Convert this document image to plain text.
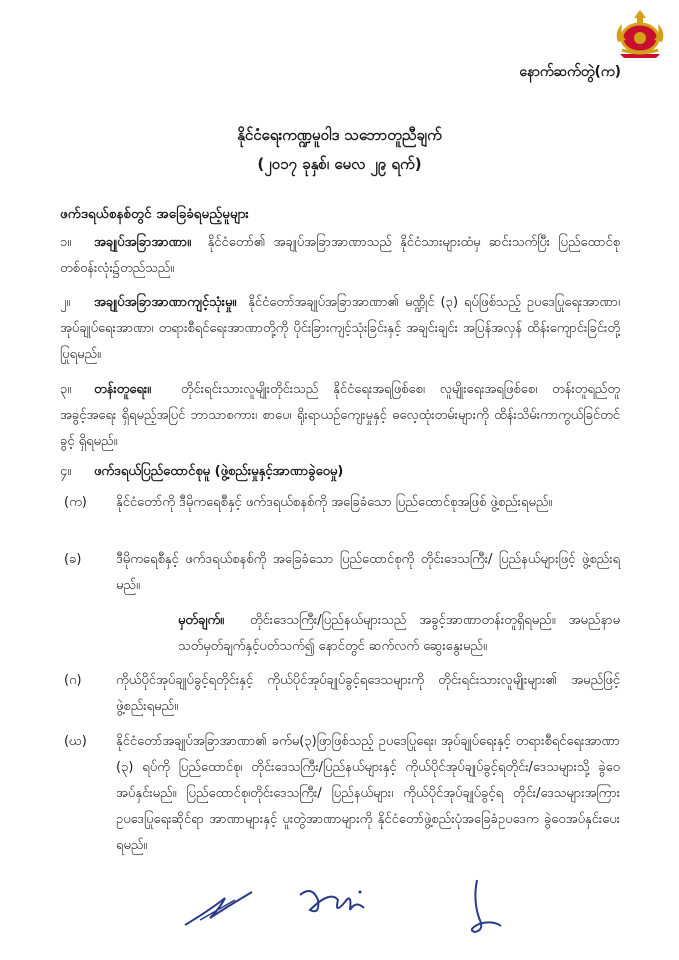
နောက်ဆက်တွဲ(က)
နိုင်ငံရေးကဏ္ဍမူဝါဒ သဘောတူညီချက်
(၂၀၁၇ ခုနှစ်၊ မေလ ၂၉ ရက်)
ဖက်ဒရယ်စနစ်တွင် အခြေခံရမည့်မူများ
၁။ အချုပ်အခြာအာဏာ။ နိုင်ငံတော်၏ အချုပ်အခြာအာဏာသည် နိုင်ငံသားများထံမှ ဆင်းသက်ပြီး ပြည်ထောင်စု တစ်ဝန်းလုံး၌တည်သည်။
၂။ အချုပ်အခြာအာဏာကျင့်သုံးမှု။ နိုင်ငံတော်အချုပ်အခြာအာဏာ၏ မဏ္ဍိုင် (၃) ရပ်ဖြစ်သည့် ဥပဒေပြုရေးအာဏာ၊ အုပ်ချုပ်ရေးအာဏာ၊ တရားစီရင်ရေးအာဏာတို့ကို ပိုင်းခြားကျင့်သုံးခြင်းနှင့် အချင်းချင်း အပြန်အလှန် ထိန်းကျောင်းခြင်းတို့ ပြုရမည်။
၃။ တန်းတူရေး။ တိုင်းရင်းသားလူမျိုးတိုင်းသည် နိုင်ငံရေးအရဖြစ်စေ၊ လူမျိုးရေးအရဖြစ်စေ၊ တန်းတူရည်တူ အခွင့်အရေး ရှိရမည့်အပြင် ဘာသာစကား၊ စာပေ၊ ရိုးရာယဉ်ကျေးမှုနှင့် ဓလေ့ထုံးတမ်းများကို ထိန်းသိမ်းကာကွယ်ခြင်တင်ခွင့် ရှိရမည်။
၄။ ဖက်ဒရယ်ပြည်ထောင်စုမူ (ဖွဲ့စည်းမှုနှင့်အာဏာခွဲဝေမှု)
(က)	နိုင်ငံတော်ကို ဒီမိုကရေစီနှင့် ဖက်ဒရယ်စနစ်ကို အခြေခံသော ပြည်ထောင်စုအဖြစ် ဖွဲ့စည်းရမည်။
(ခ)	ဒီမိုကရေစီနှင့် ဖက်ဒရယ်စနစ်ကို အခြေခံသော ပြည်ထောင်စုကို တိုင်းဒေသကြီး/ ပြည်နယ်များဖြင့် ဖွဲ့စည်းရမည်။
မှတ်ချက်။ တိုင်းဒေသကြီး/ပြည်နယ်များသည် အခွင့်အာဏာတန်းတူရှိရမည်။ အမည်နာမ သတ်မှတ်ချက်နှင့်ပတ်သက်၍ နောင်တွင် ဆက်လက် ဆွေးနွေးမည်။
(ဂ)	ကိုယ်ပိုင်အုပ်ချုပ်ခွင့်ရတိုင်းနှင့် ကိုယ်ပိုင်အုပ်ချုပ်ခွင့်ရဒေသများကို တိုင်းရင်းသားလူမျိုးများ၏ အမည်ဖြင့် ဖွဲ့စည်းရမည်။
(ဃ)	နိုင်ငံတော်အချုပ်အခြာအာဏာ၏ ခက်မ(၃)ဖြာဖြစ်သည့် ဥပဒေပြုရေး၊ အုပ်ချုပ်ရေးနှင့် တရားစီရင်ရေးအာဏာ (၃) ရပ်ကို ပြည်ထောင်စု၊ တိုင်းဒေသကြီး/ပြည်နယ်များနှင့် ကိုယ်ပိုင်အုပ်ချုပ်ခွင့်ရတိုင်း/ဒေသများသို့ ခွဲဝေအပ်နှင်းမည်။ ပြည်ထောင်စု၊တိုင်းဒေသကြီး/ ပြည်နယ်များ၊ ကိုယ်ပိုင်အုပ်ချုပ်ခွင့်ရ တိုင်း/ဒေသများအကြား ဥပဒေပြုရေးဆိုင်ရာ အာဏာများနှင့် ပူးတွဲအာဏာများကို နိုင်ငံတော်ဖွဲ့စည်းပုံအခြေခံဥပဒေက ခွဲဝေအပ်နှင်းပေးရမည်။
